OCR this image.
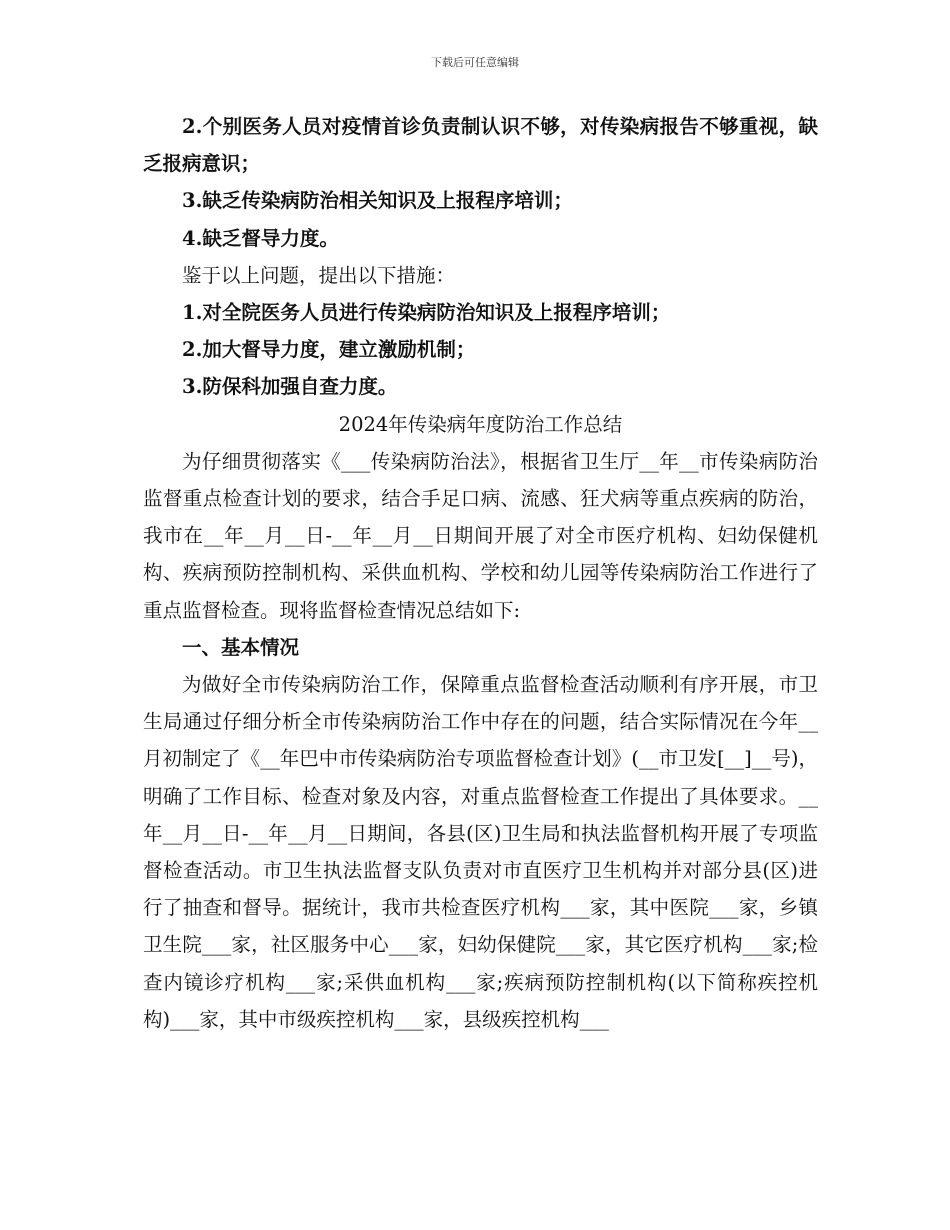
下载后可任意编辑

2.个别医务人员对疫情首诊负责制认识不够，对传染病报告不够重视，缺乏报病意识；

3.缺乏传染病防治相关知识及上报程序培训；

4.缺乏督导力度。

鉴于以上问题，提出以下措施：

1.对全院医务人员进行传染病防治知识及上报程序培训；

2.加大督导力度，建立激励机制；

3.防保科加强自查力度。

2024年传染病年度防治工作总结

为仔细贯彻落实《___传染病防治法》，根据省卫生厅__年__市传染病防治监督重点检查计划的要求，结合手足口病、流感、狂犬病等重点疾病的防治，我市在__年__月__日-__年__月__日期间开展了对全市医疗机构、妇幼保健机构、疾病预防控制机构、采供血机构、学校和幼儿园等传染病防治工作进行了重点监督检查。现将监督检查情况总结如下:

一、基本情况

为做好全市传染病防治工作，保障重点监督检查活动顺利有序开展，市卫生局通过仔细分析全市传染病防治工作中存在的问题，结合实际情况在今年__月初制定了《__年巴中市传染病防治专项监督检查计划》(__市卫发[__]__号)，明确了工作目标、检查对象及内容，对重点监督检查工作提出了具体要求。__年__月__日-__年__月__日期间，各县(区)卫生局和执法监督机构开展了专项监督检查活动。市卫生执法监督支队负责对市直医疗卫生机构并对部分县(区)进行了抽查和督导。据统计，我市共检查医疗机构___家，其中医院___家，乡镇卫生院___家，社区服务中心___家，妇幼保健院___家，其它医疗机构___家;检查内镜诊疗机构___家;采供血机构___家;疾病预防控制机构(以下简称疾控机构)___家，其中市级疾控机构___家，县级疾控机构___
